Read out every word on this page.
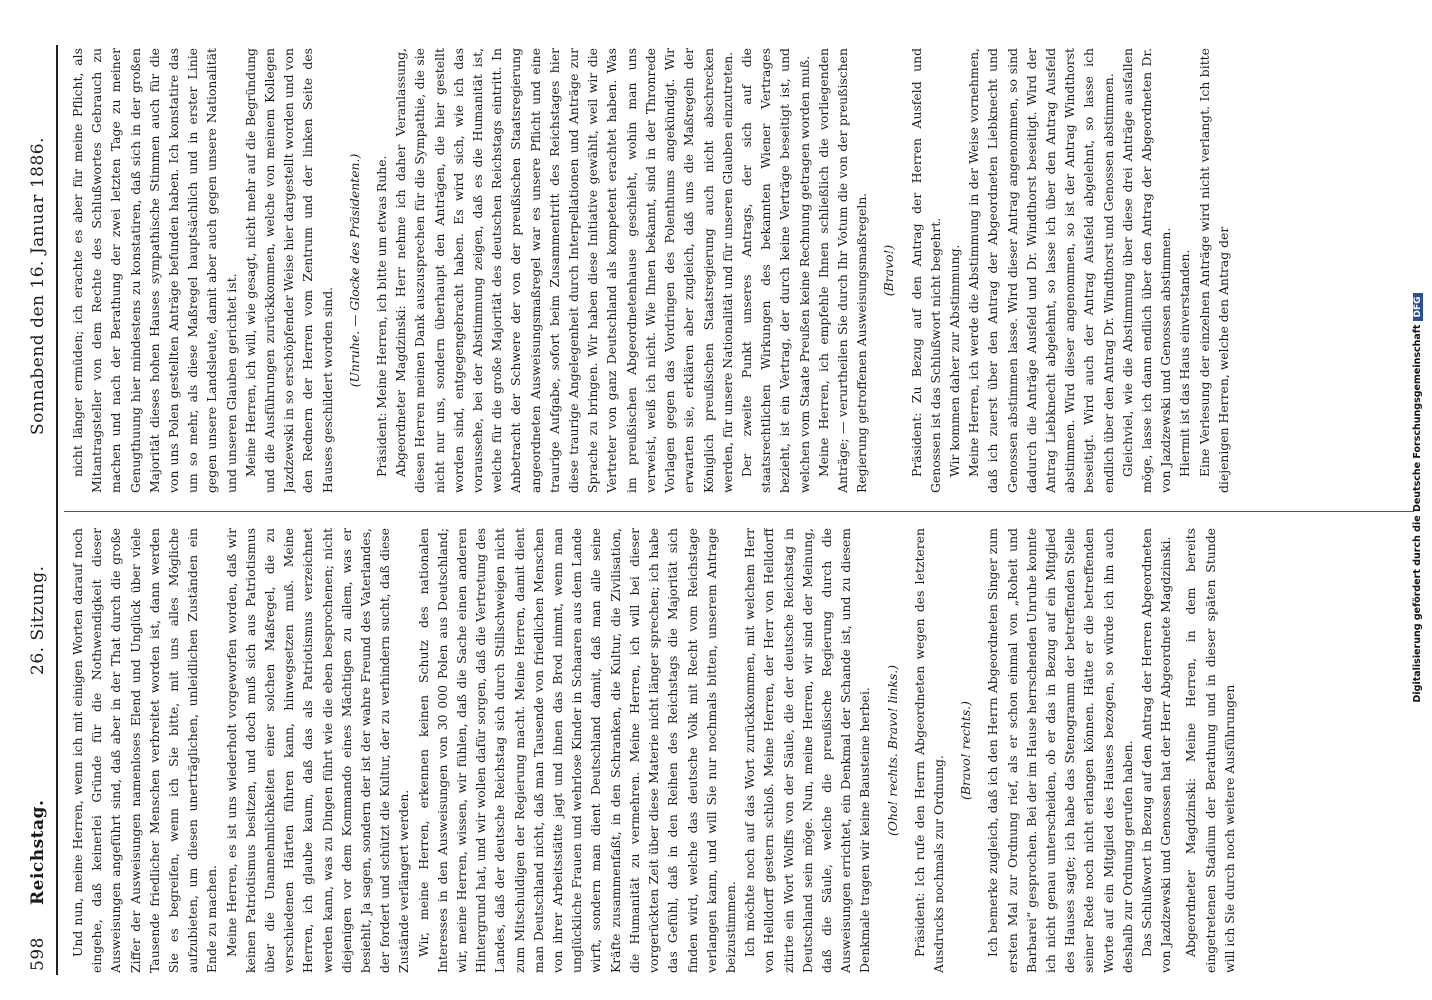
598
Reichstag.
26. Sitzung.
Sonnabend den 16. Januar 1886.

Und nun, meine Herren, wenn ich mit einigen Worten darauf noch eingehe, daß keinerlei Gründe für die Nothwendigkeit dieser Ausweisungen angeführt sind, daß aber in der That durch die große Ziffer der Ausweisungen namenloses Elend und Unglück über viele Tausende friedlicher Menschen verbreitet worden ist, dann werden Sie es begreifen, wenn ich Sie bitte, mit uns alles Mögliche aufzubieten, um diesen unerträglichen, unleidlichen Zuständen ein Ende zu machen. Meine Herren, es ist uns wiederholt vorgeworfen worden, daß wir keinen Patriotismus besitzen, und doch muß sich aus Patriotismus über die Unannehmlichkeiten einer solchen Maßregel, die zu verschiedenen Härten führen kann, hinwegsetzen muß. Meine Herren, ich glaube kaum, daß das als Patriotismus verzeichnet werden kann, was zu Dingen führt wie die eben besprochenen; nicht diejenigen vor dem Kommando eines Mächtigen zu allem, was er besiehlt, Ja sagen, sondern der ist der wahre Freund des Vaterlandes, der fordert und schützt die Kultur, der zu verhindern sucht, daß diese Zustände verlängert werden. Wir, meine Herren, erkennen keinen Schutz des nationalen Interesses in den Ausweisungen von 30 000 Polen aus Deutschland; wir, meine Herren, wissen, wir fühlen, daß die Sache einen anderen Hintergrund hat, und wir wollen dafür sorgen, daß die Vertretung des Landes, daß der deutsche Reichstag sich durch Stillschweigen nicht zum Mitschuldigen der Regierung macht. Meine Herren, damit dient man Deutschland nicht, daß man Tausende von friedlichen Menschen von ihrer Arbeitsstätte jagt und ihnen das Brod nimmt, wenn man unglückliche Frauen und wehrlose Kinder in Schaaren aus dem Lande wirft, sondern man dient Deutschland damit, daß man alle seine Kräfte zusammenfaßt, in den Schranken, die Kultur, die Zivilisation, die Humanität zu vermehren. Meine Herren, ich will bei dieser vorgerückten Zeit über diese Materie nicht länger sprechen; ich habe das Gefühl, daß in den Reihen des Reichstags die Majorität sich finden wird, welche das deutsche Volk mit Recht vom Reichstage verlangen kann, und will Sie nur nochmals bitten, unserem Antrage beizustimmen. Ich möchte noch auf das Wort zurückkommen, mit welchem Herr von Helldorff gestern schloß. Meine Herren, der Herr von Helldorff zitirte ein Wort Wolffs von der Säule, die der deutsche Reichstag in Deutschland sein möge. Nun, meine Herren, wir sind der Meinung, daß die Säule, welche die preußische Regierung durch die Ausweisungen errichtet, ein Denkmal der Schande ist, und zu diesem Denkmale tragen wir keine Bausteine herbei. (Oho! rechts. Bravo! links.) Präsident: Ich rufe den Herrn Abgeordneten wegen des letzteren Ausdrucks nochmals zur Ordnung.

(Bravo! rechts.) Ich bemerke zugleich, daß ich den Herrn Abgeordneten Singer zum ersten Mal zur Ordnung rief, als er schon einmal von „Roheit und Barbarei“ gesprochen. Bei der im Hause herrschenden Unruhe konnte ich nicht genau unterscheiden, ob er das in Bezug auf ein Mitglied des Hauses sagte; ich habe das Stenogramm der betreffenden Stelle seiner Rede noch nicht erlangen können. Hätte er die betreffenden Worte auf ein Mitglied des Hauses bezogen, so würde ich ihn auch deshalb zur Ordnung gerufen haben. Das Schlußwort in Bezug auf den Antrag der Herren Abgeordneten von Jazdzewski und Genossen hat der Herr Abgeordnete Magdzinski. Abgeordneter Magdzinski: Meine Herren, in dem bereits eingetretenen Stadium der Berathung und in dieser späten Stunde will ich Sie durch noch weitere Ausführungen

nicht länger ermüden; ich erachte es aber für meine Pflicht, als Mitantragsteller von dem Rechte des Schlußwortes Gebrauch zu machen und nach der Berathung der zwei letzten Tage zu meiner Genugthuung hier mindestens zu konstatiren, daß sich in der großen Majorität dieses hohen Hauses sympathische Stimmen auch für die von uns Polen gestellten Anträge befunden haben. Ich konstatire das um so mehr, als diese Maßregel hauptsächlich und in erster Linie gegen unsere Landsleute, damit aber auch gegen unsere Nationalität und unseren Glauben gerichtet ist. Meine Herren, ich will, wie gesagt, nicht mehr auf die Begründung und die Ausführungen zurückkommen, welche von meinem Kollegen Jazdzewski in so erschöpfender Weise hier dargestellt worden und von den Rednern der Herren vom Zentrum und der linken Seite des Hauses geschildert worden sind.

(Unruhe. — Glocke des Präsidenten.) Präsident: Meine Herren, ich bitte um etwas Ruhe. Abgeordneter Magdzinski: Herr nehme ich daher Veranlassung, diesen Herren meinen Dank auszusprechen für die Sympathie, die sie nicht nur uns, sondern überhaupt den Anträgen, die hier gestellt worden sind, entgegengebracht haben. Es wird sich, wie ich das voraussehe, bei der Abstimmung zeigen, daß es die Humanität ist, welche für die große Majorität des deutschen Reichstags eintritt. In Anbetracht der Schwere der von der preußischen Staatsregierung angeordneten Ausweisungsmaßregel war es unsere Pflicht und eine traurige Aufgabe, sofort beim Zusammentritt des Reichstages hier diese traurige Angelegenheit durch Interpellationen und Anträge zur Sprache zu bringen. Wir haben diese Initiative gewählt, weil wir die Vertreter von ganz Deutschland als kompetent erachtet haben. Was im preußischen Abgeordnetenhause geschieht, wohin man uns verweist, weiß ich nicht. Wie Ihnen bekannt, sind in der Thronrede Vorlagen gegen das Vordringen des Polenthums angekündigt. Wir erwarten sie, erklären aber zugleich, daß uns die Maßregeln der Königlich preußischen Staatsregierung auch nicht abschrecken werden, für unsere Nationalität und für unseren Glauben einzutreten. Der zweite Punkt unseres Antrags, der sich auf die staatsrechtlichen Wirkungen des bekannten Wiener Vertrages bezieht, ist ein Vertrag, der durch keine Verträge beseitigt ist, und welchen vom Staate Preußen keine Rechnung getragen worden muß. Meine Herren, ich empfehle Ihnen schließlich die vorliegenden Anträge; — verurtheilen Sie durch Ihr Votum die von der preußischen Regierung getroffenen Ausweisungsmaßregeln. (Bravo!) Präsident: Zu Bezug auf den Antrag der Herren Ausfeld und Genossen ist das Schlußwort nicht begehrt. Wir kommen daher zur Abstimmung. Meine Herren, ich werde die Abstimmung in der Weise vornehmen, daß ich zuerst über den Antrag der Abgeordneten Liebknecht und Genossen abstimmen lasse. Wird dieser Antrag angenommen, so sind dadurch die Anträge Ausfeld und Dr. Windthorst beseitigt. Wird der Antrag Liebknecht abgelehnt, so lasse ich über den Antrag Ausfeld abstimmen. Wird dieser angenommen, so ist der Antrag Windthorst beseitigt. Wird auch der Antrag Ausfeld abgelehnt, so lasse ich endlich über den Antrag Dr. Windthorst und Genossen abstimmen. Gleichviel, wie die Abstimmung über diese drei Anträge ausfallen möge, lasse ich dann endlich über den Antrag der Abgeordneten Dr. von Jazdzewski und Genossen abstimmen. Hiermit ist das Haus einverstanden. Eine Verlesung der einzelnen Anträge wird nicht verlangt. Ich bitte diejenigen Herren, welche den Antrag der	Digitalisierung gefördert durch die Deutsche ForschungsgemeinschaftDFG
